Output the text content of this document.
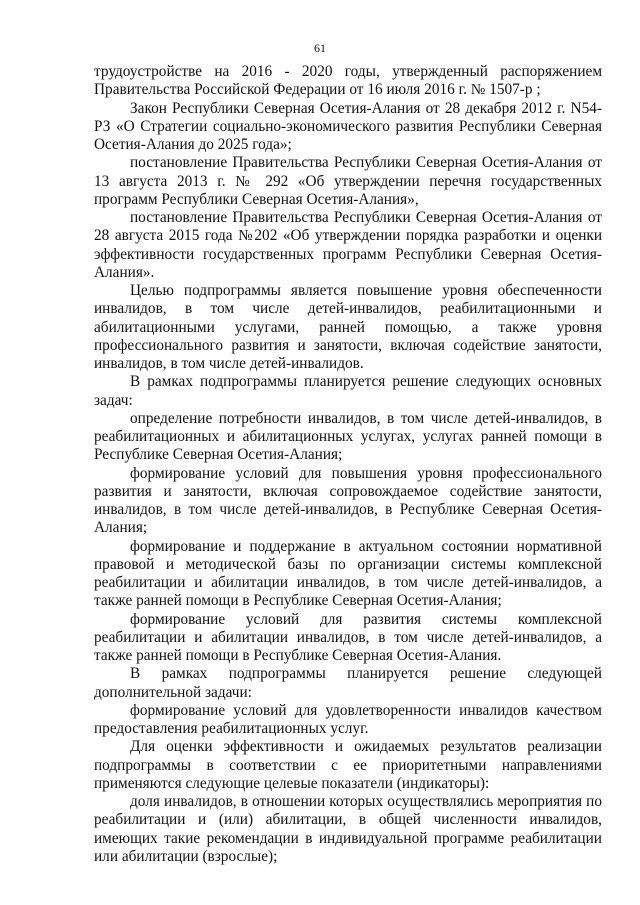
61

трудоустройстве на 2016 - 2020 годы, утвержденный распоряжением Правительства Российской Федерации от 16 июля 2016 г. № 1507-р ;

Закон Республики Северная Осетия-Алания от 28 декабря 2012 г. N54-РЗ «О Стратегии социально-экономического развития Республики Северная Осетия-Алания до 2025 года»;

постановление Правительства Республики Северная Осетия-Алания от 13 августа 2013 г. № 292 «Об утверждении перечня государственных программ Республики Северная Осетия-Алания»,

постановление Правительства Республики Северная Осетия-Алания от 28 августа 2015 года №202 «Об утверждении порядка разработки и оценки эффективности государственных программ Республики Северная Осетия-Алания».

Целью подпрограммы является повышение уровня обеспеченности инвалидов, в том числе детей-инвалидов, реабилитационными и абилитационными услугами, ранней помощью, а также уровня профессионального развития и занятости, включая содействие занятости, инвалидов, в том числе детей-инвалидов.

В рамках подпрограммы планируется решение следующих основных задач:

определение потребности инвалидов, в том числе детей-инвалидов, в реабилитационных и абилитационных услугах, услугах ранней помощи в Республике Северная Осетия-Алания;

формирование условий для повышения уровня профессионального развития и занятости, включая сопровождаемое содействие занятости, инвалидов, в том числе детей-инвалидов, в Республике Северная Осетия-Алания;

формирование и поддержание в актуальном состоянии нормативной правовой и методической базы по организации системы комплексной реабилитации и абилитации инвалидов, в том числе детей-инвалидов, а также ранней помощи в Республике Северная Осетия-Алания;

формирование условий для развития системы комплексной реабилитации и абилитации инвалидов, в том числе детей-инвалидов, а также ранней помощи в Республике Северная Осетия-Алания.

В рамках подпрограммы планируется решение следующей дополнительной задачи:

формирование условий для удовлетворенности инвалидов качеством предоставления реабилитационных услуг.

Для оценки эффективности и ожидаемых результатов реализации подпрограммы в соответствии с ее приоритетными направлениями применяются следующие целевые показатели (индикаторы):

доля инвалидов, в отношении которых осуществлялись мероприятия по реабилитации и (или) абилитации, в общей численности инвалидов, имеющих такие рекомендации в индивидуальной программе реабилитации или абилитации (взрослые);
